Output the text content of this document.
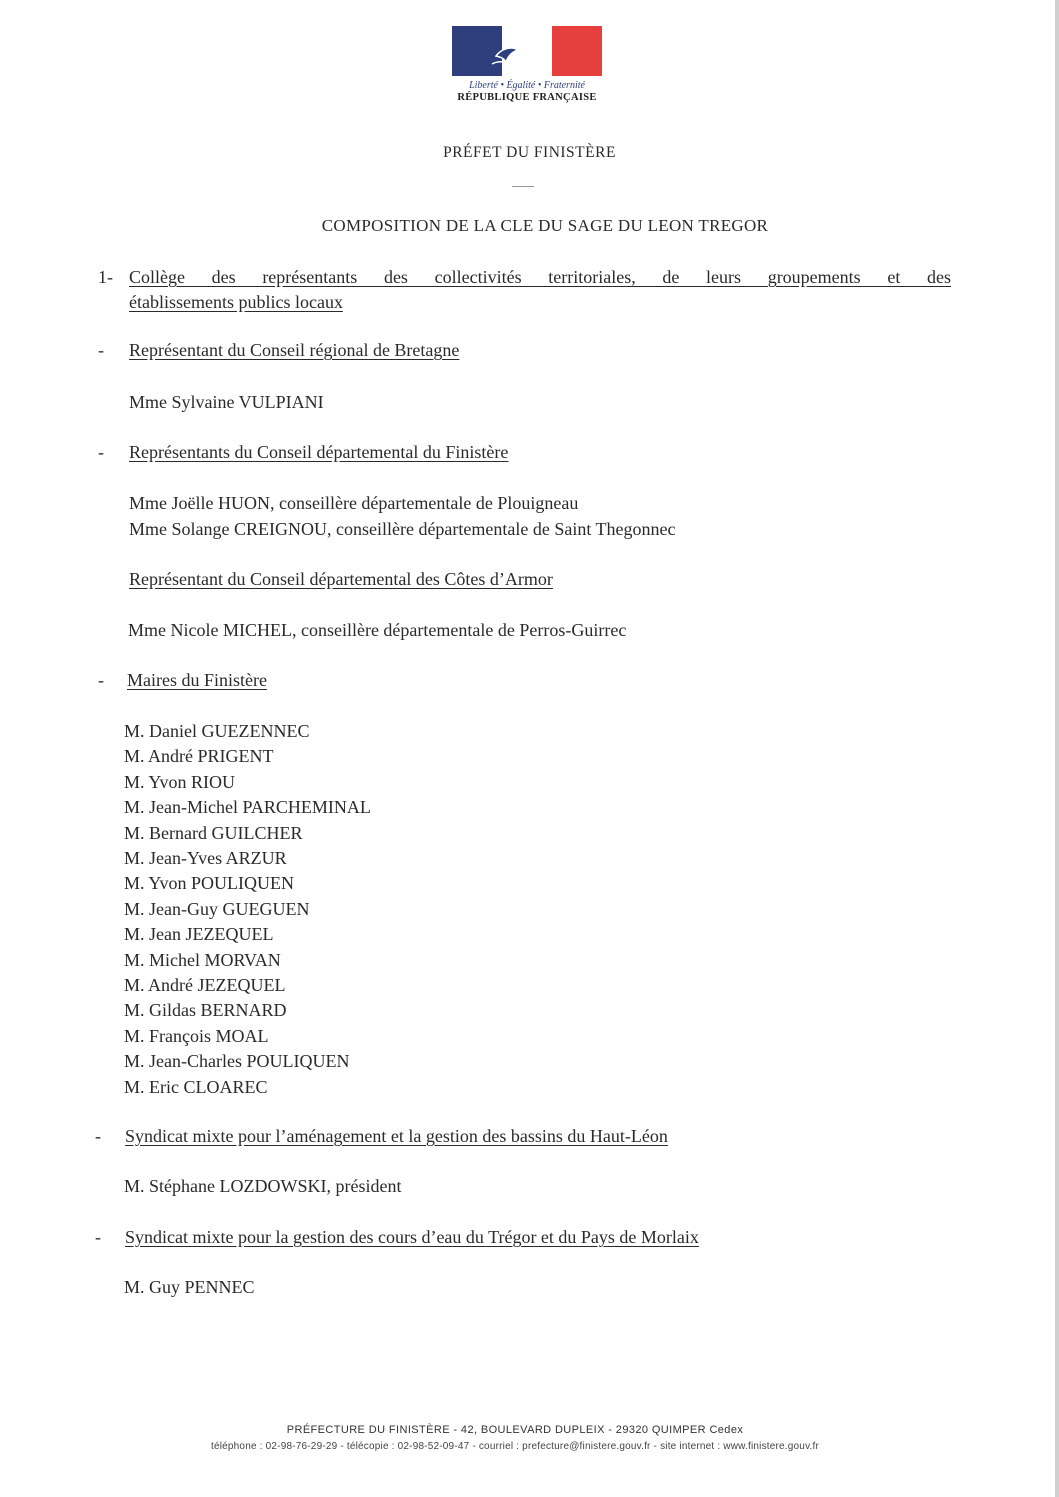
Liberté • Égalité • Fraternité
RÉPUBLIQUE FRANÇAISE
PRÉFET DU FINISTÈRE
COMPOSITION DE LA CLE DU SAGE DU LEON TREGOR
1- Collège des représentants des collectivités territoriales, de leurs groupements et des
établissements publics locaux
- Représentant du Conseil régional de Bretagne
Mme Sylvaine VULPIANI
- Représentants du Conseil départemental du Finistère
Mme Joëlle HUON, conseillère départementale de Plouigneau
Mme Solange CREIGNOU, conseillère départementale de Saint Thegonnec
Représentant du Conseil départemental des Côtes d’Armor
Mme Nicole MICHEL, conseillère départementale de Perros-Guirrec
- Maires du Finistère
M. Daniel GUEZENNEC
M. André PRIGENT
M. Yvon RIOU
M. Jean-Michel PARCHEMINAL
M. Bernard GUILCHER
M. Jean-Yves ARZUR
M. Yvon POULIQUEN
M. Jean-Guy GUEGUEN
M. Jean JEZEQUEL
M. Michel MORVAN
M. André JEZEQUEL
M. Gildas BERNARD
M. François MOAL
M. Jean-Charles POULIQUEN
M. Eric CLOAREC
- Syndicat mixte pour l’aménagement et la gestion des bassins du Haut-Léon
M. Stéphane LOZDOWSKI, président
- Syndicat mixte pour la gestion des cours d’eau du Trégor et du Pays de Morlaix
M. Guy PENNEC
PRÉFECTURE DU FINISTÈRE - 42, BOULEVARD DUPLEIX - 29320 QUIMPER Cedex
téléphone : 02-98-76-29-29 - télécopie : 02-98-52-09-47 - courriel : prefecture@finistere.gouv.fr - site internet : www.finistere.gouv.fr
